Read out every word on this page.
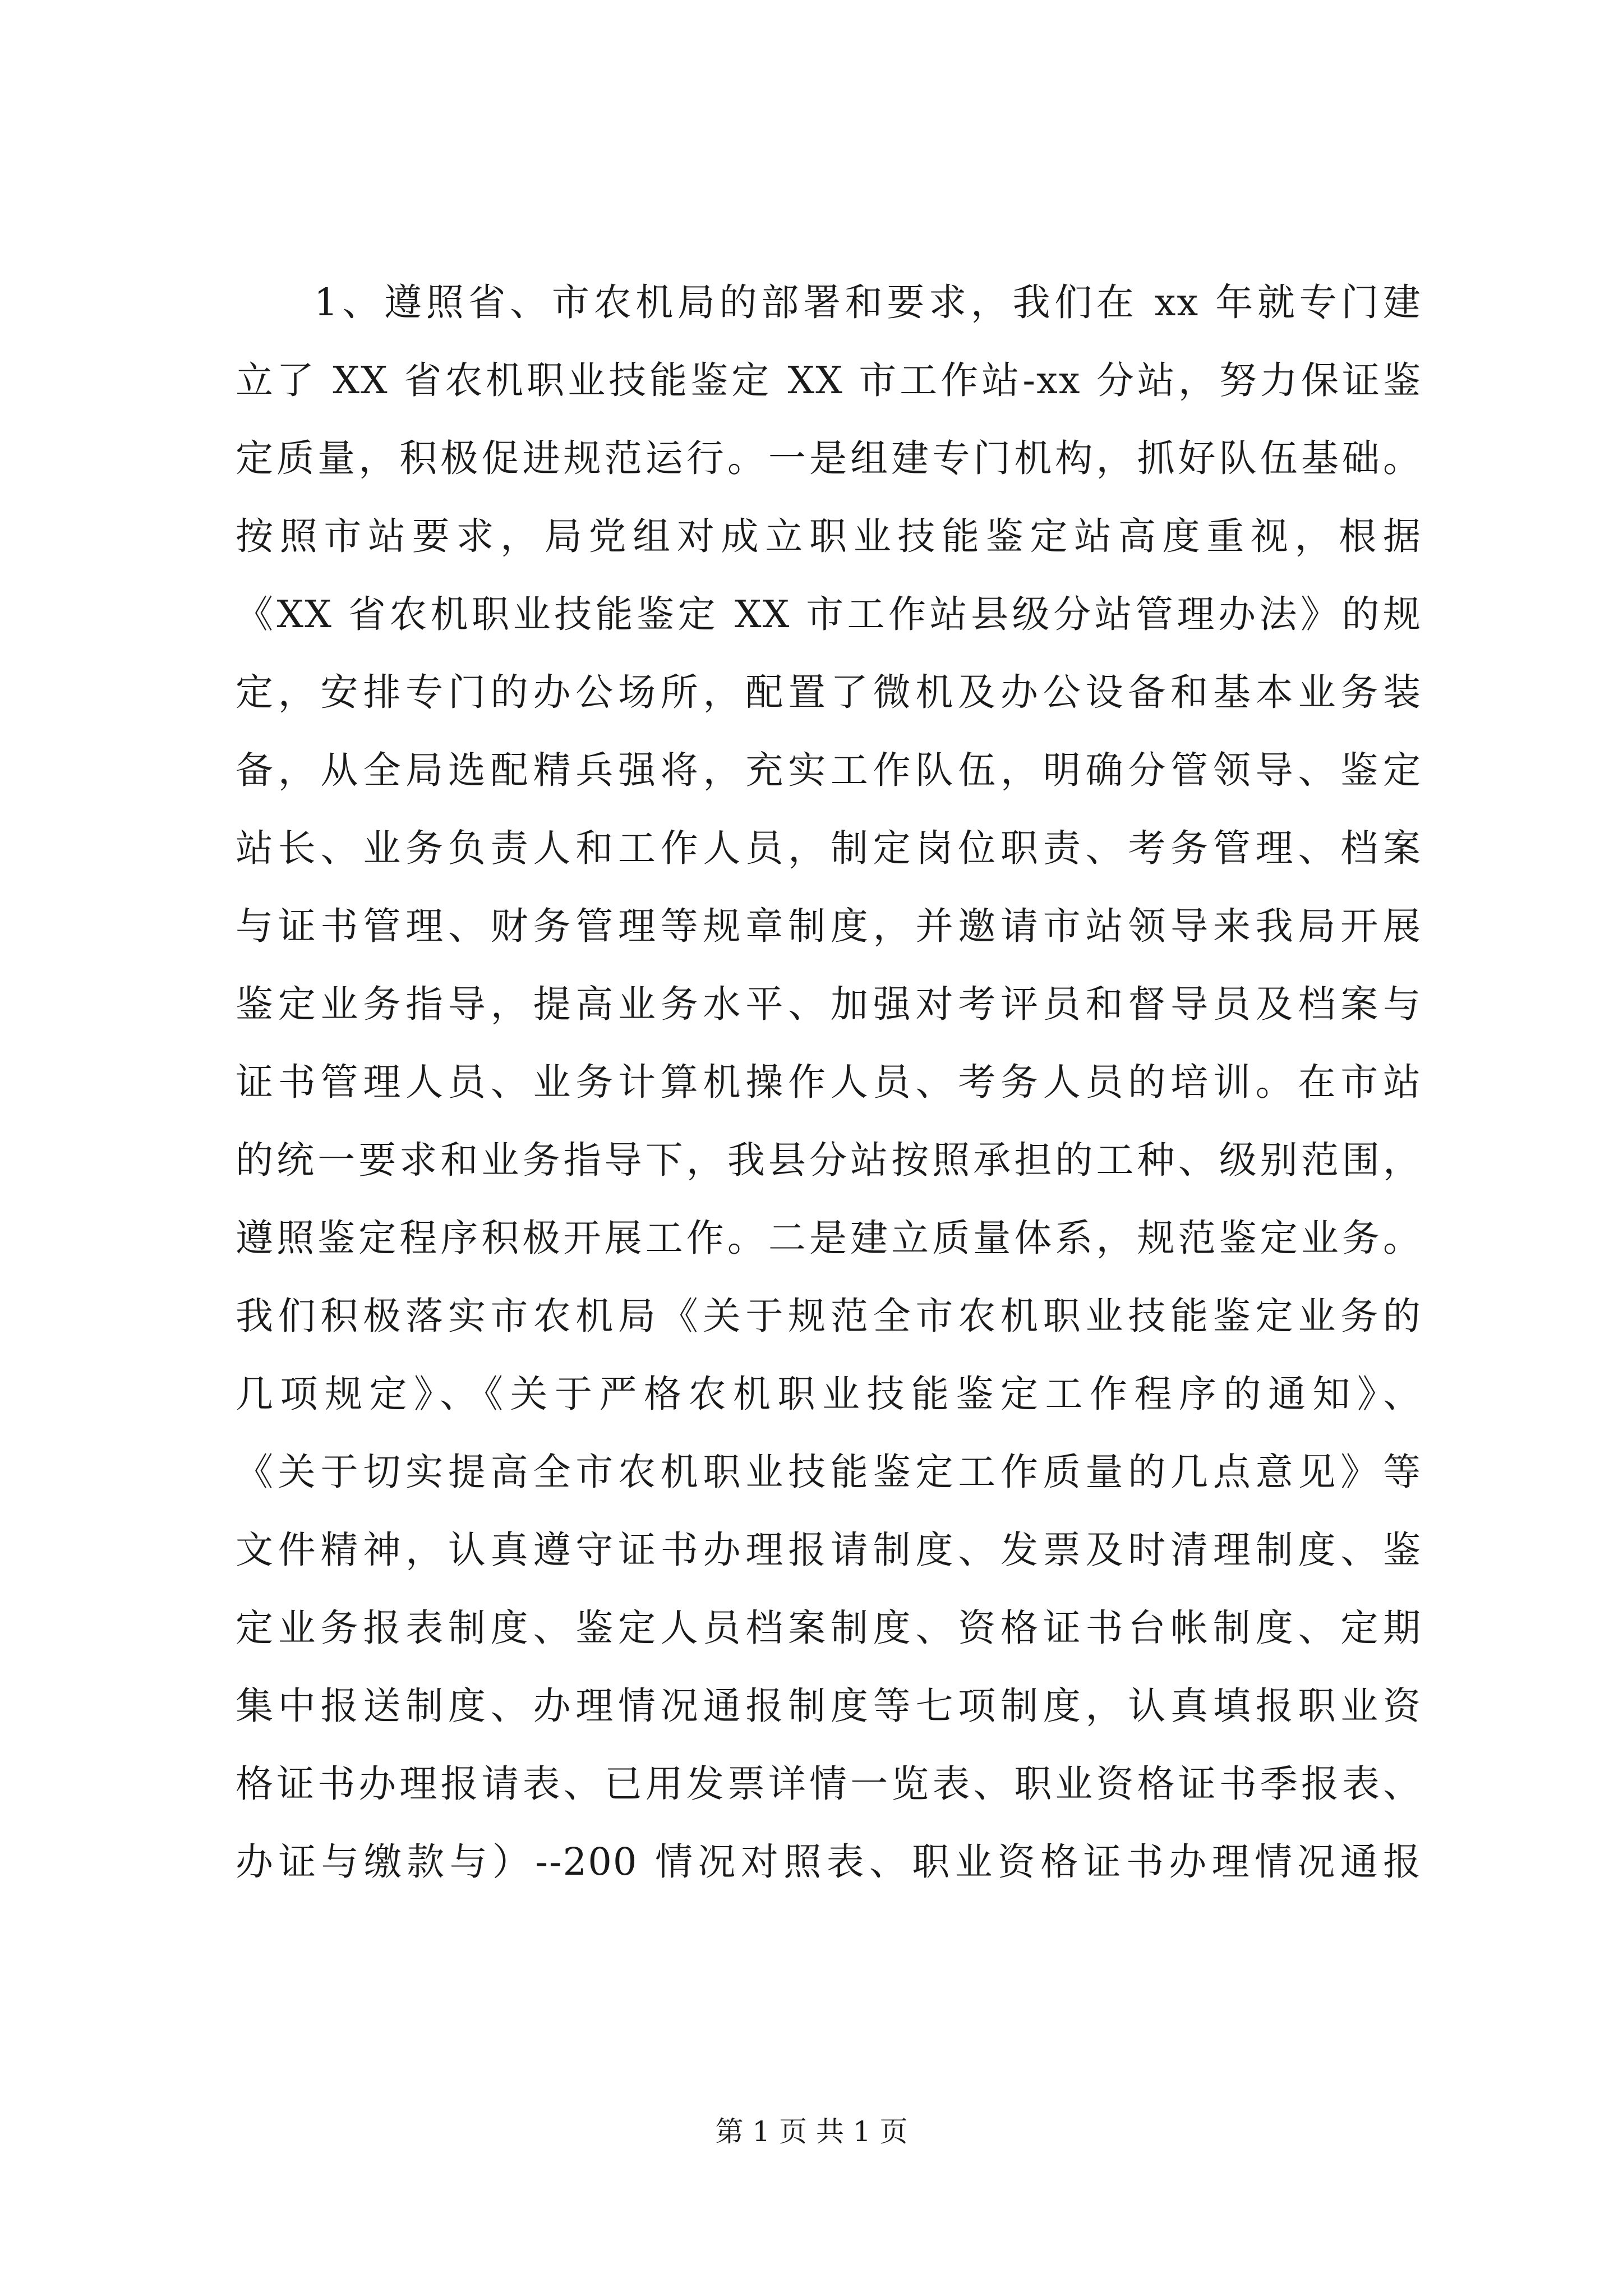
1、遵照省、市农机局的部署和要求，我们在 xx 年就专门建
立了 XX 省农机职业技能鉴定 XX 市工作站-xx 分站，努力保证鉴
定质量，积极促进规范运行。一是组建专门机构，抓好队伍基础。
按照市站要求，局党组对成立职业技能鉴定站高度重视，根据
《XX 省农机职业技能鉴定 XX 市工作站县级分站管理办法》的规
定，安排专门的办公场所，配置了微机及办公设备和基本业务装
备，从全局选配精兵强将，充实工作队伍，明确分管领导、鉴定
站长、业务负责人和工作人员，制定岗位职责、考务管理、档案
与证书管理、财务管理等规章制度，并邀请市站领导来我局开展
鉴定业务指导，提高业务水平、加强对考评员和督导员及档案与
证书管理人员、业务计算机操作人员、考务人员的培训。在市站
的统一要求和业务指导下，我县分站按照承担的工种、级别范围，
遵照鉴定程序积极开展工作。二是建立质量体系，规范鉴定业务。
我们积极落实市农机局《关于规范全市农机职业技能鉴定业务的
几项规定》、《关于严格农机职业技能鉴定工作程序的通知》、
《关于切实提高全市农机职业技能鉴定工作质量的几点意见》等
文件精神，认真遵守证书办理报请制度、发票及时清理制度、鉴
定业务报表制度、鉴定人员档案制度、资格证书台帐制度、定期
集中报送制度、办理情况通报制度等七项制度，认真填报职业资
格证书办理报请表、已用发票详情一览表、职业资格证书季报表、
办证与缴款与）--200 情况对照表、职业资格证书办理情况通报

第 1 页 共 1 页
